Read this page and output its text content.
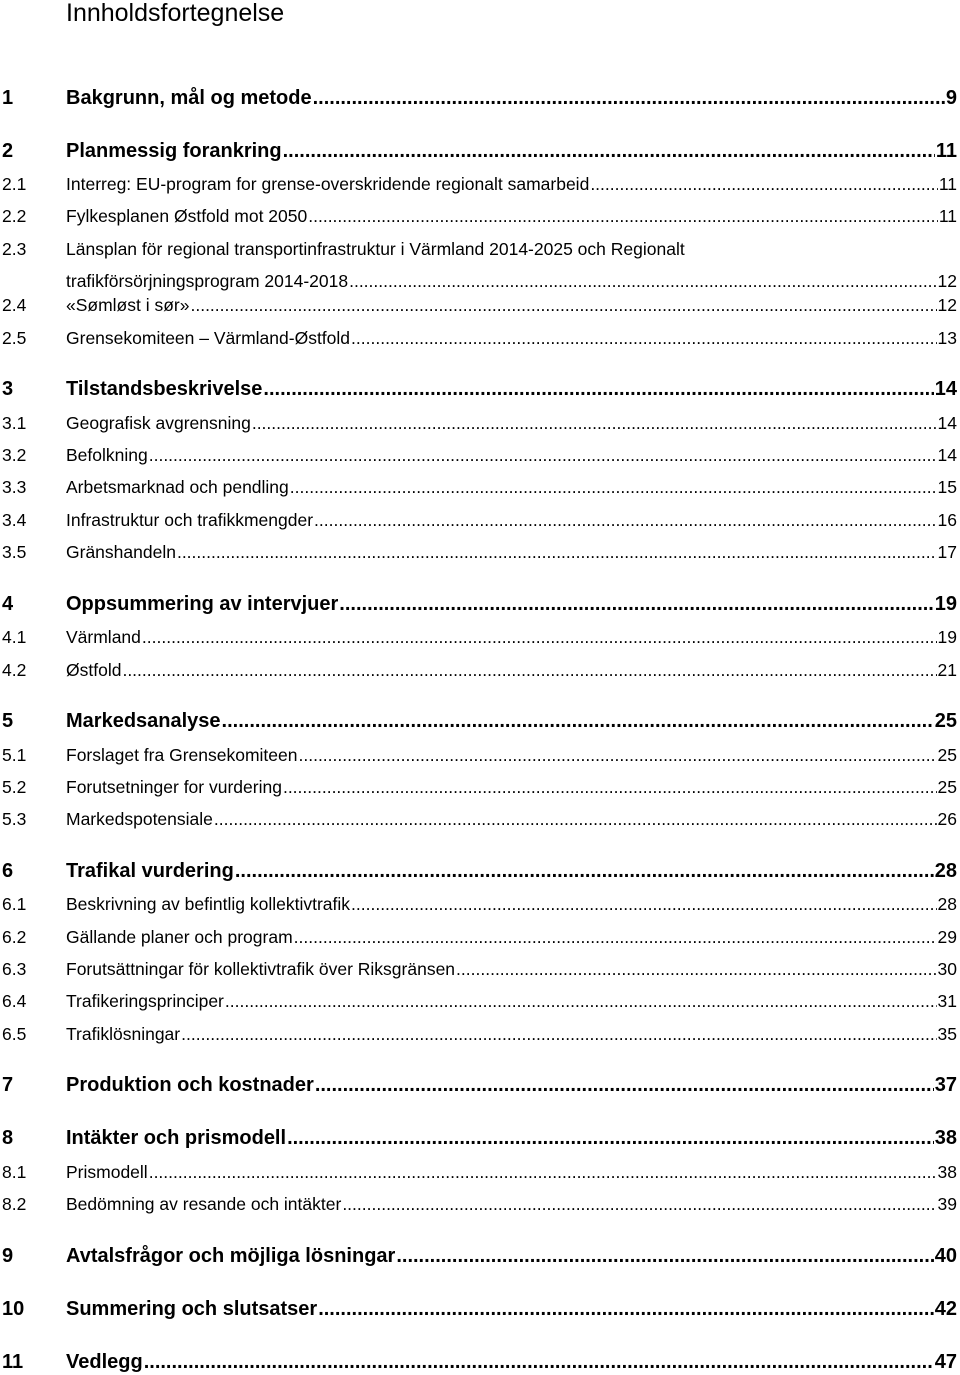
Innholdsfortegnelse
1	Bakgrunn, mål og metode .....	9
2	Planmessig forankring .....	11
2.1 Interreg: EU-program for grense-overskridende regionalt samarbeid .....	11
2.2 Fylkesplanen Østfold mot 2050 .....	11
2.3 Länsplan för regional transportinfrastruktur i Värmland 2014-2025 och Regionalt
trafikförsörjningsprogram 2014-2018 .....	12
2.4 «Sømløst i sør» .....	12
2.5 Grensekomiteen ‒ Värmland-Østfold .....	13
3	Tilstandsbeskrivelse .....	14
3.1 Geografisk avgrensning .....	14
3.2 Befolkning .....	14
3.3 Arbetsmarknad och pendling .....	15
3.4 Infrastruktur och trafikkmengder .....	16
3.5 Gränshandeln .....	17
4	Oppsummering av intervjuer .....	19
4.1 Värmland .....	19
4.2 Østfold .....	21
5	Markedsanalyse .....	25
5.1 Forslaget fra Grensekomiteen .....	25
5.2 Forutsetninger for vurdering .....	25
5.3 Markedspotensiale .....	26
6	Trafikal vurdering .....	28
6.1 Beskrivning av befintlig kollektivtrafik .....	28
6.2 Gällande planer och program .....	29
6.3 Forutsättningar för kollektivtrafik över Riksgränsen .....	30
6.4 Trafikeringsprinciper .....	31
6.5 Trafiklösningar .....	35
7	Produktion och kostnader .....	37
8	Intäkter och prismodell .....	38
8.1 Prismodell .....	38
8.2 Bedömning av resande och intäkter .....	39
9	Avtalsfrågor och möjliga lösningar .....	40
10 Summering och slutsatser .....	42
11 Vedlegg .....	47
